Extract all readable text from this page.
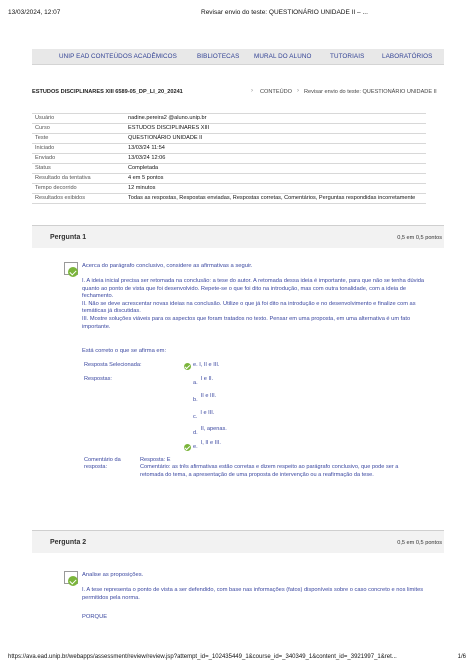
13/03/2024, 12:07	Revisar envio do teste: QUESTIONÁRIO UNIDADE II – ...
UNIP EAD CONTEÚDOS ACADÊMICOS	BIBLIOTECAS MURAL DO ALUNO	TUTORIAIS	LABORATÓRIOS
ESTUDOS DISCIPLINARES XIII 6589-05_DP_LI_20_20241	› CONTEÚDO › Revisar envio do teste: QUESTIONÁRIO UNIDADE II
Usuário	nadine.pereira2 @aluno.unip.br
Curso	ESTUDOS DISCIPLINARES XIII
Teste	QUESTIONÁRIO UNIDADE II
Iniciado	13/03/24 11:54
Enviado	13/03/24 12:06
Status	Completada
Resultado da tentativa	4 em 5 pontos
Tempo decorrido	12 minutos
Resultados exibidos	Todas as respostas, Respostas enviadas, Respostas corretas, Comentários, Perguntas respondidas incorretamente
Pergunta 1	0,5 em 0,5 pontos
Acerca do parágrafo conclusivo, considere as afirmativas a seguir.

I. A ideia inicial precisa ser retomada na conclusão: a tese do autor. A retomada dessa ideia é importante, para que não se tenha dúvida quanto ao ponto de vista que foi desenvolvido. Repete-se o que foi dito na introdução, mas com outra tonalidade, com a ideia de fechamento.

II. Não se deve acrescentar novas ideias na conclusão. Utilize o que já foi dito na introdução e no desenvolvimento e finalize com as temáticas já discutidas.

III. Mostre soluções viáveis para os aspectos que foram tratados no texto. Pensar em uma proposta, em uma alternativa é um fato importante.

Está correto o que se afirma em:
Resposta Selecionada:	e. I, II e III.
Respostas:
a.I e II.
b.II e III.
c.I e III.
d.II, apenas.
e.I, II e III.
Comentário da
resposta:
Resposta: E
Comentário: as três afirmativas estão corretas e dizem respeito ao parágrafo conclusivo, que pode ser a retomada do tema, a apresentação de uma proposta de intervenção ou a reafirmação da tese.
Pergunta 2	0,5 em 0,5 pontos
Analise as proposições.

I. A tese representa o ponto de vista a ser defendido, com base nas informações (fatos) disponíveis sobre o caso concreto e nos limites permitidos pela norma.

PORQUE
https://ava.ead.unip.br/webapps/assessment/review/review.jsp?attempt_id=_102435449_1&course_id=_340349_1&content_id=_3921997_1&ret...	1/6
